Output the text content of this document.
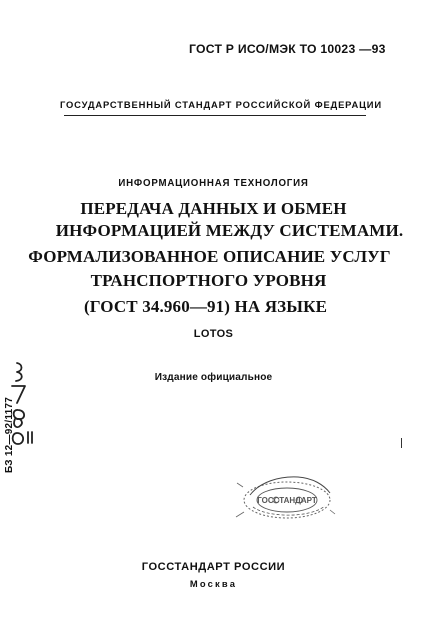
ГОСТ Р ИСО/МЭК ТО 10023 —93
ГОСУДАРСТВЕННЫЙ СТАНДАРТ РОССИЙСКОЙ ФЕДЕРАЦИИ
ИНФОРМАЦИОННАЯ ТЕХНОЛОГИЯ
ПЕРЕДАЧА ДАННЫХ И ОБМЕН
ИНФОРМАЦИЕЙ МЕЖДУ СИСТЕМАМИ.
ФОРМАЛИЗОВАННОЕ ОПИСАНИЕ УСЛУГ
ТРАНСПОРТНОГО УРОВНЯ
(ГОСТ 34.960—91) НА ЯЗЫКЕ
LOTOS
Издание официальное
БЗ 12—92/1177
ГОССТАНДАРТ
ГОССТАНДАРТ РОССИИ
Москва
